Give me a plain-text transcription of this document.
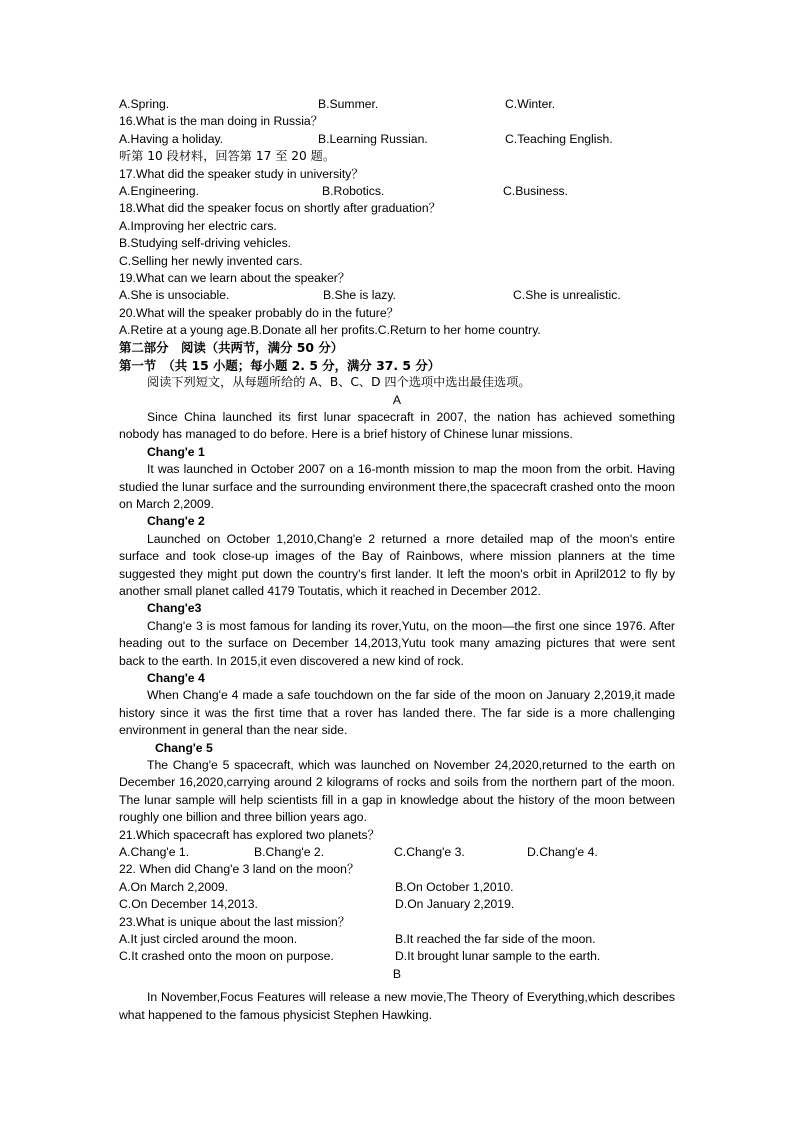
A.Spring.	B.Summer.	C.Winter.
16.What is the man doing in Russia？
A.Having a holiday.	B.Learning Russian.	C.Teaching English.
听第 10 段材料，回答第 17 至 20 题。
17.What did the speaker study in university？
A.Engineering.	B.Robotics.	C.Business.
18.What did the speaker focus on shortly after graduation？
A.Improving her electric cars.
B.Studying self-driving vehicles.
C.Selling her newly invented cars.
19.What can we learn about the speaker？
A.She is unsociable.	B.She is lazy.	C.She is unrealistic.
20.What will the speaker probably do in the future？
A.Retire at a young age.B.Donate all her profits.C.Return to her home country.
第二部分　阅读（共两节，满分 50 分）
第一节　（共 15 小题；每小题 2. 5 分，满分 37. 5 分）
阅读下列短文，从每题所给的 A、B、C、D 四个选项中选出最佳选项。
A

Since China launched its first lunar spacecraft in 2007, the nation has achieved something nobody has managed to do before. Here is a brief history of Chinese lunar missions.

Chang'e 1

It was launched in October 2007 on a 16-month mission to map the moon from the orbit. Having studied the lunar surface and the surrounding environment there,the spacecraft crashed onto the moon on March 2,2009.

Chang'e 2

Launched on October 1,2010,Chang'e 2 returned a rnore detailed map of the moon's entire surface and took close-up images of the Bay of Rainbows, where mission planners at the time suggested they might put down the country's first lander. It left the moon's orbit in April2012 to fly by another small planet called 4179 Toutatis, which it reached in December 2012.

Chang'e3

Chang'e 3 is most famous for landing its rover,Yutu, on the moon—the first one since 1976. After heading out to the surface on December 14,2013,Yutu took many amazing pictures that were sent back to the earth. In 2015,it even discovered a new kind of rock.

Chang'e 4

When Chang'e 4 made a safe touchdown on the far side of the moon on January 2,2019,it made history since it was the first time that a rover has landed there. The far side is a more challenging environment in general than the near side.

Chang'e 5

The Chang'e 5 spacecraft, which was launched on November 24,2020,returned to the earth on December 16,2020,carrying around 2 kilograms of rocks and soils from the northern part of the moon. The lunar sample will help scientists fill in a gap in knowledge about the history of the moon between roughly one billion and three billion years ago.

21.Which spacecraft has explored two planets？
A.Chang'e 1.	B.Chang'e 2.	C.Chang'e 3.	D.Chang'e 4.
22. When did Chang'e 3 land on the moon？
A.On March 2,2009.	B.On October 1,2010.
C.On December 14,2013.	D.On January 2,2019.
23.What is unique about the last mission？
A.It just circled around the moon.	B.It reached the far side of the moon.
C.It crashed onto the moon on purpose.	D.It brought lunar sample to the earth.
B

In November,Focus Features will release a new movie,The Theory of Everything,which describes what happened to the famous physicist Stephen Hawking.
